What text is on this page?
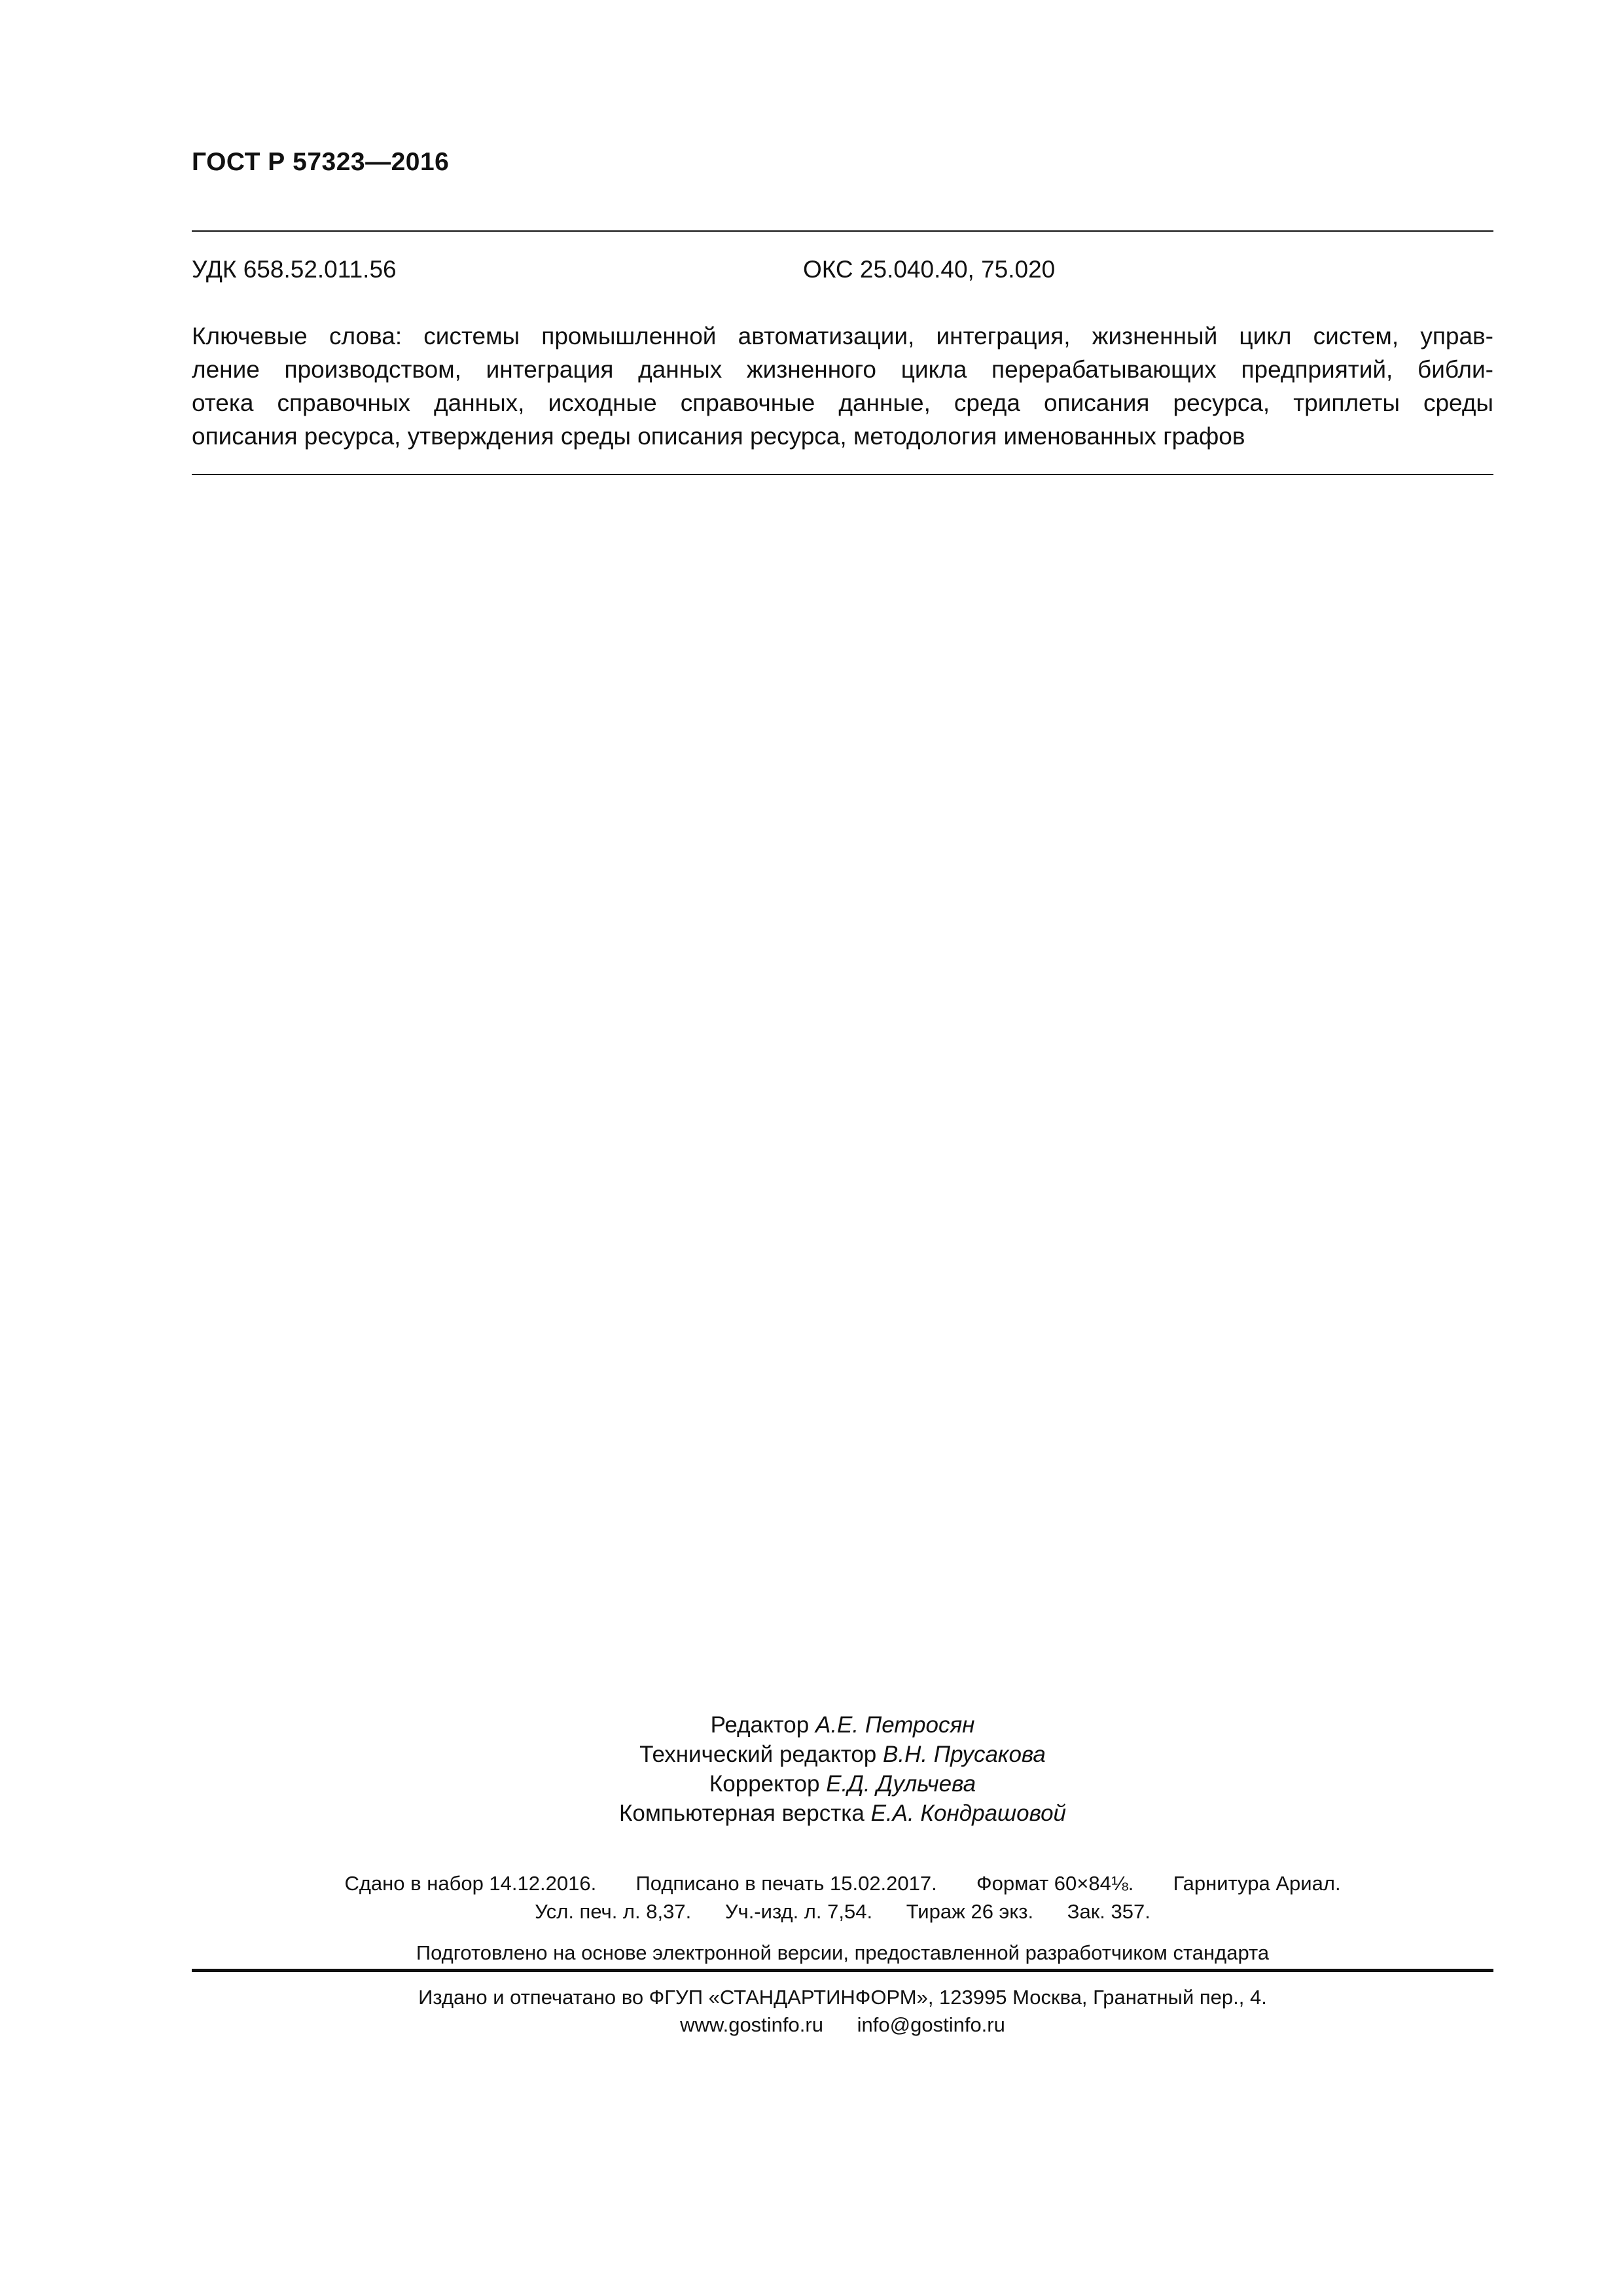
ГОСТ Р 57323—2016
УДК 658.52.011.56	ОКС 25.040.40, 75.020

Ключевые слова: системы промышленной автоматизации, интеграция, жизненный цикл систем, управ-
ление производством, интеграция данных жизненного цикла перерабатывающих предприятий, библи-
отека справочных данных, исходные справочные данные, среда описания ресурса, триплеты среды
описания ресурса, утверждения среды описания ресурса, методология именованных графов

Редактор А.Е. Петросян
Технический редактор В.Н. Прусакова
Корректор Е.Д. Дульчева
Компьютерная верстка Е.А. Кондрашовой
Сдано в набор 14.12.2016. Подписано в печать 15.02.2017. Формат 60×84⅛. Гарнитура Ариал.
Усл. печ. л. 8,37.      Уч.-изд. л. 7,54.      Тираж 26 экз.      Зак. 357.
Подготовлено на основе электронной версии, предоставленной разработчиком стандарта
Издано и отпечатано во ФГУП «СТАНДАРТИНФОРМ», 123995 Москва, Гранатный пер., 4.
www.gostinfo.ru info@gostinfo.ru
